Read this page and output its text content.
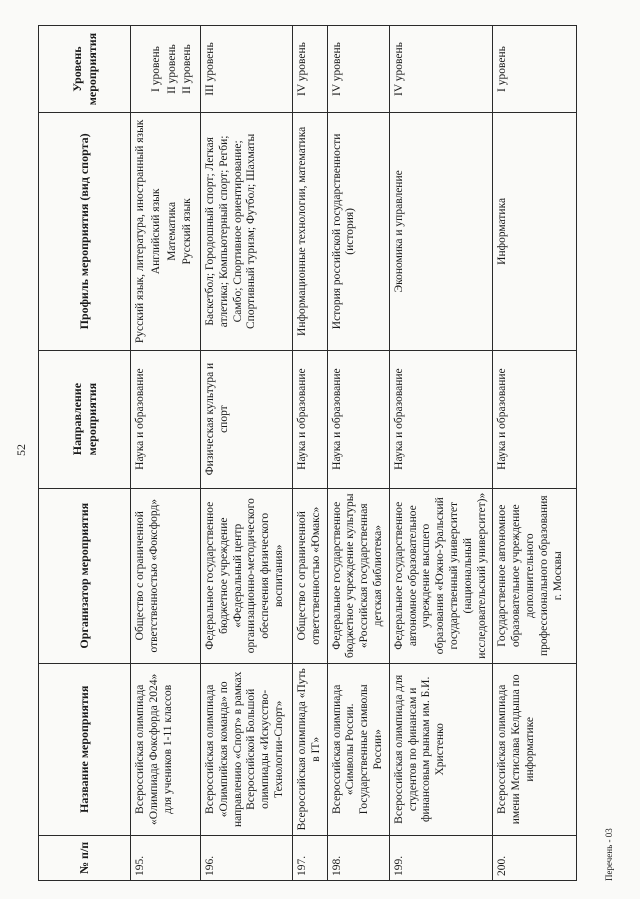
52
№ п/п	Название мероприятия	Организатор мероприятия	Направление мероприятия	Профиль мероприятия (вид спорта)	Уровень мероприятия
195.	Всероссийская олимпиада «Олимпиада Фоксфорда 2024» для учеников 1-11 классов	Общество с ограниченной ответственностью «Фоксфорд»	Наука и образование	Русский язык, литература, иностранный язык Английский язык Математика Русский язык	I уровень II уровень II уровень

196.	Всероссийская олимпиада «Олимпийская команда» по направлению «Спорт» в рамках Всероссийской Большой олимпиады «Искусство-Технологии-Спорт»	Федеральное государственное бюджетное учреждение «Федеральный центр организационно-методического обеспечения физического воспитания»	Физическая культура и спорт	Баскетбол; Городошный спорт; Легкая атлетика; Компьютерный спорт; Регби; Самбо; Спортивное ориентирование; Спортивный туризм; Футбол; Шахматы	III уровень

197.	Всероссийская олимпиада «Путь в IT»	Общество с ограниченной ответственностью «Юмакс»	Наука и образование	Информационные технологии, математика	IV уровень

198.	Всероссийская олимпиада «Символы России. Государственные символы России»	Федеральное государственное бюджетное учреждение культуры «Российская государственная детская библиотека»	Наука и образование	История российской государственности (история)	IV уровень

199.	Всероссийская олимпиада для студентов по финансам и финансовым рынкам им. Б.И. Христенко	Федеральное государственное автономное образовательное учреждение высшего образования «Южно-Уральский государственный университет (национальный исследовательский университет)»	Наука и образование	Экономика и управление	IV уровень

200.	Всероссийская олимпиада имени Мстислава Келдыша по информатике	Государственное автономное образовательное учреждение дополнительного профессионального образования г. Москвы	Наука и образование	Информатика	I уровень
Перечень - 03
